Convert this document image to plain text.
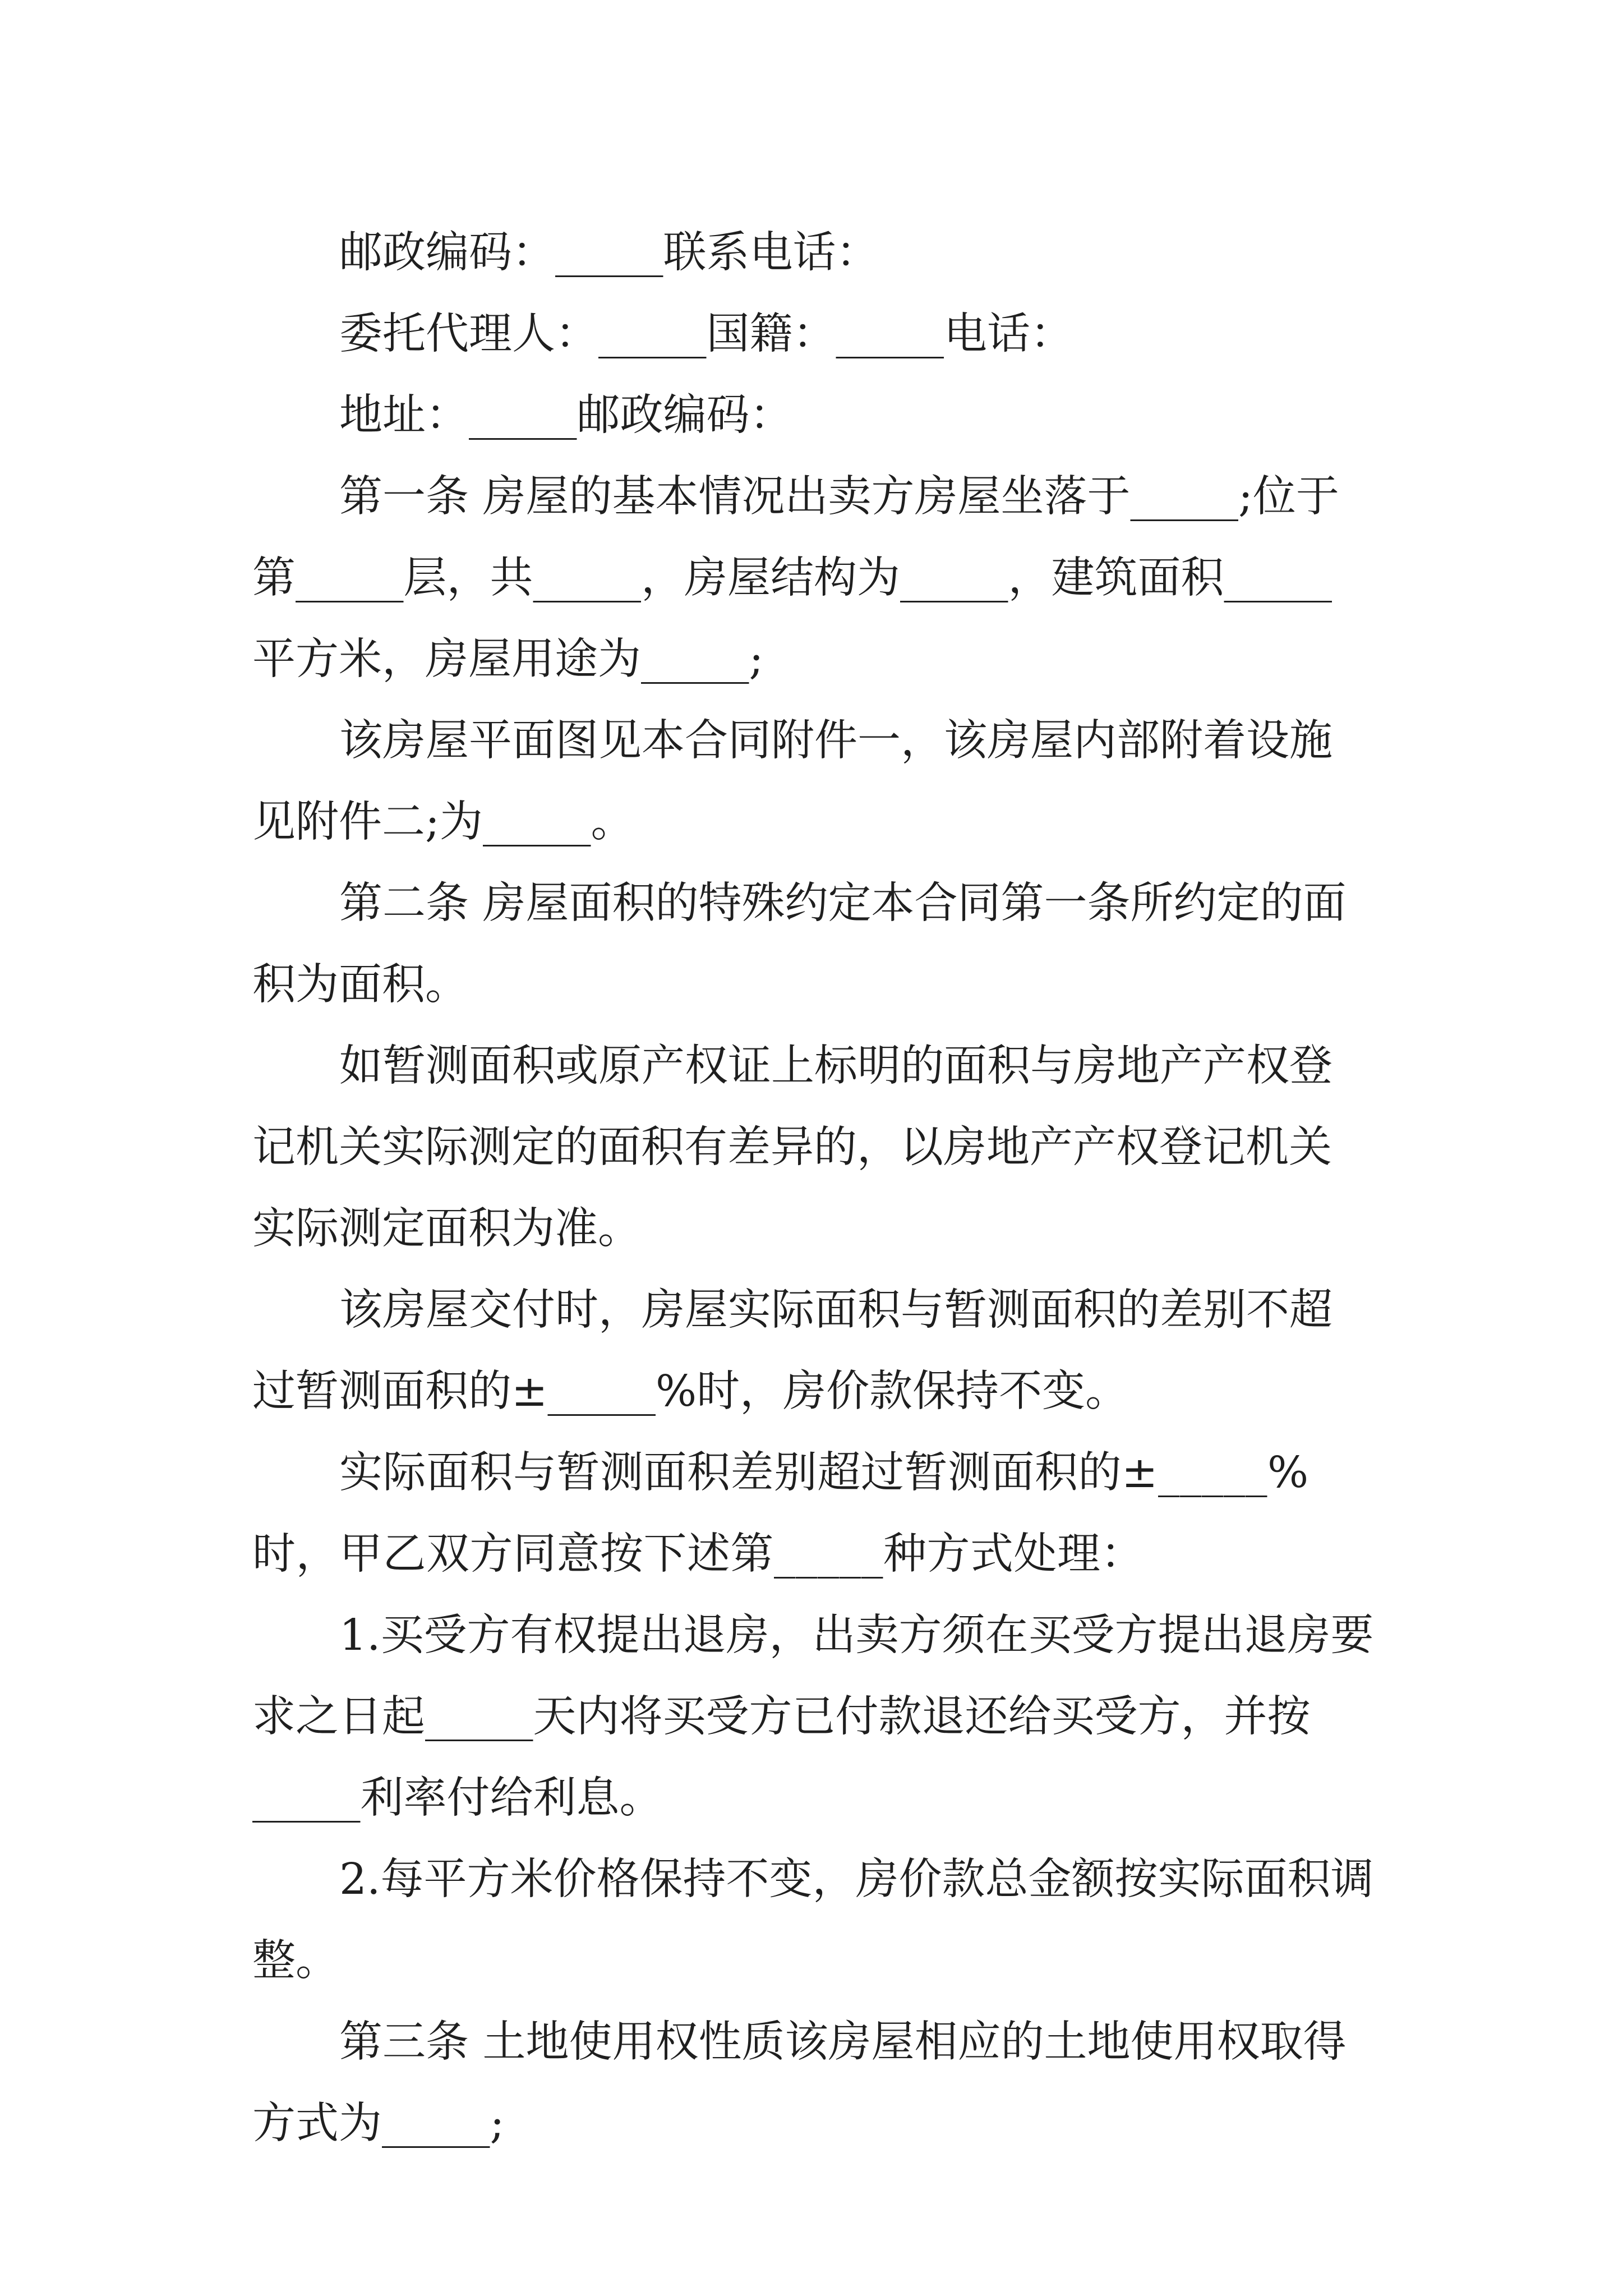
邮政编码：_____联系电话：

委托代理人：_____国籍：_____电话：

地址：_____邮政编码：

第一条 房屋的基本情况出卖方房屋坐落于_____;位于第_____层，共_____，房屋结构为_____，建筑面积_____平方米，房屋用途为_____;

该房屋平面图见本合同附件一，该房屋内部附着设施见附件二;为_____。

第二条 房屋面积的特殊约定本合同第一条所约定的面积为面积。

如暂测面积或原产权证上标明的面积与房地产产权登记机关实际测定的面积有差异的，以房地产产权登记机关实际测定面积为准。

该房屋交付时，房屋实际面积与暂测面积的差别不超过暂测面积的±_____%时，房价款保持不变。

实际面积与暂测面积差别超过暂测面积的±_____%时，甲乙双方同意按下述第_____种方式处理：

1.买受方有权提出退房，出卖方须在买受方提出退房要求之日起_____天内将买受方已付款退还给买受方，并按_____利率付给利息。

2.每平方米价格保持不变，房价款总金额按实际面积调整。

第三条 土地使用权性质该房屋相应的土地使用权取得方式为_____;
